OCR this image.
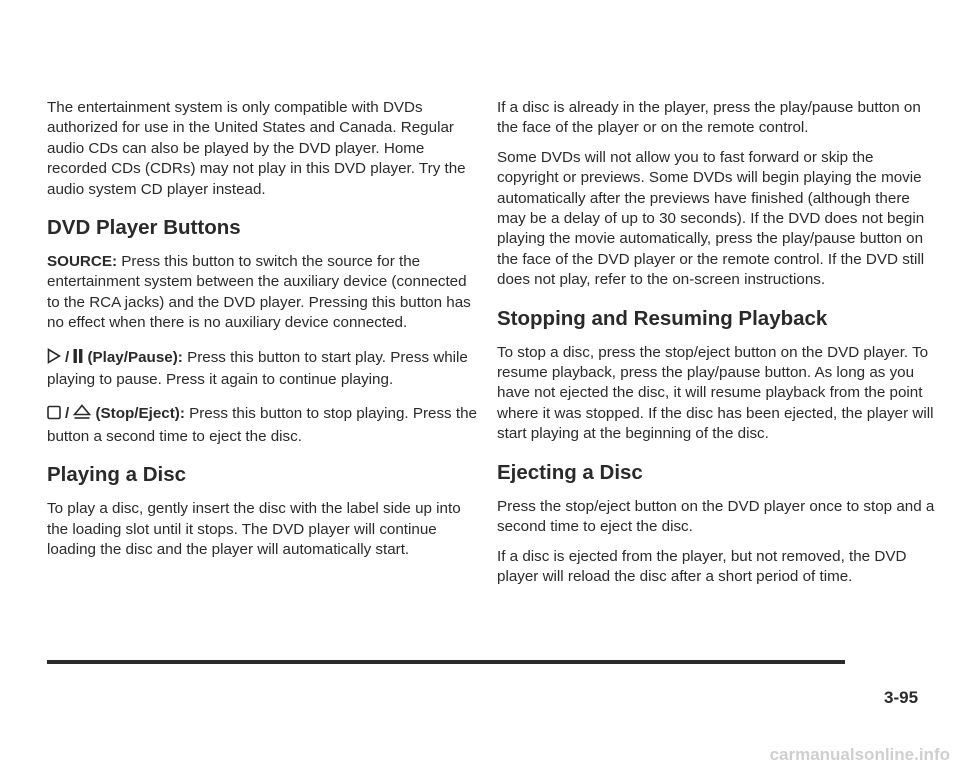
The entertainment system is only compatible with DVDs authorized for use in the United States and Canada. Regular audio CDs can also be played by the DVD player. Home recorded CDs (CDRs) may not play in this DVD player. Try the audio system CD player instead.

DVD Player Buttons

SOURCE: Press this button to switch the source for the entertainment system between the auxiliary device (connected to the RCA jacks) and the DVD player. Pressing this button has no effect when there is no auxiliary device connected.

/ (Play/Pause): Press this button to start play. Press while playing to pause. Press it again to continue playing.

/ (Stop/Eject): Press this button to stop playing. Press the button a second time to eject the disc.

Playing a Disc

To play a disc, gently insert the disc with the label side up into the loading slot until it stops. The DVD player will continue loading the disc and the player will automatically start.

If a disc is already in the player, press the play/pause button on the face of the player or on the remote control.

Some DVDs will not allow you to fast forward or skip the copyright or previews. Some DVDs will begin playing the movie automatically after the previews have finished (although there may be a delay of up to 30 seconds). If the DVD does not begin playing the movie automatically, press the play/pause button on the face of the DVD player or the remote control. If the DVD still does not play, refer to the on-screen instructions.

Stopping and Resuming Playback

To stop a disc, press the stop/eject button on the DVD player. To resume playback, press the play/pause button. As long as you have not ejected the disc, it will resume playback from the point where it was stopped. If the disc has been ejected, the player will start playing at the beginning of the disc.

Ejecting a Disc

Press the stop/eject button on the DVD player once to stop and a second time to eject the disc.

If a disc is ejected from the player, but not removed, the DVD player will reload the disc after a short period of time.

3-95
carmanualsonline.info
